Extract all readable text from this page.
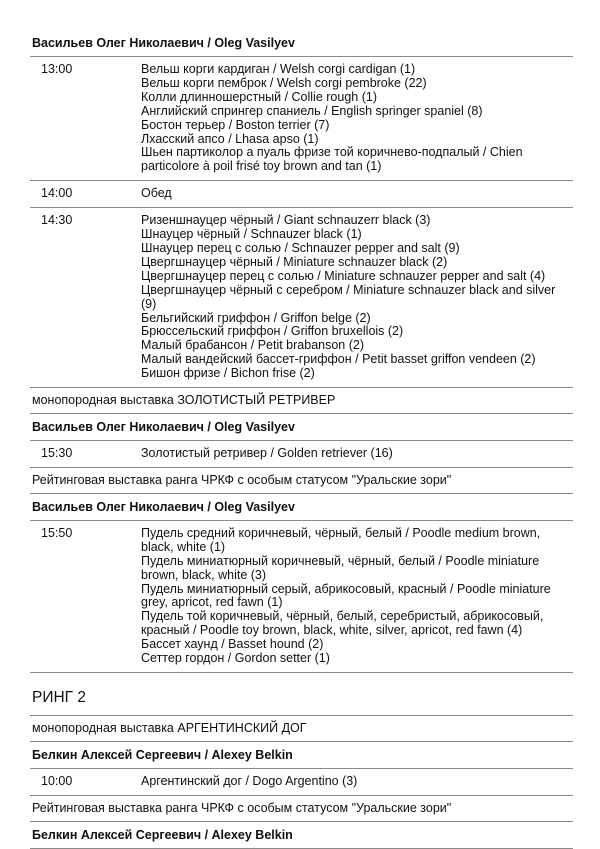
Васильев Олег Николаевич / Oleg Vasilyev
13:00	Вельш корги кардиган / Welsh corgi cardigan (1)
Вельш корги пемброк / Welsh corgi pembroke (22)
Колли длинношерстный / Collie rough (1)
Английский спрингер спаниель / English springer spaniel (8)
Бостон терьер / Boston terrier (7)
Лхасский апсо / Lhasa apso (1)
Шьен партиколор а пуаль фризе той коричнево-подпалый / Chien particolore à poil frisé toy brown and tan (1)
14:00	Обед
14:30	Ризеншнауцер чёрный / Giant schnauzerr black (3)
Шнауцер чёрный / Schnauzer black (1)
Шнауцер перец с солью / Schnauzer pepper and salt (9)
Цвергшнауцер чёрный / Miniature schnauzer black (2)
Цвергшнауцер перец с солью / Miniature schnauzer pepper and salt (4)
Цвергшнауцер чёрный с серебром / Miniature schnauzer black and silver (9)
Бельгийский гриффон / Griffon belge (2)
Брюссельский гриффон / Griffon bruxellois (2)
Малый брабансон / Petit brabanson (2)
Малый вандейский бассет-гриффон / Petit basset griffon vendeen (2)
Бишон фризе / Bichon frise (2)
монопородная выставка ЗОЛОТИСТЫЙ РЕТРИВЕР
Васильев Олег Николаевич / Oleg Vasilyev
15:30	Золотистый ретривер / Golden retriever (16)
Рейтинговая выставка ранга ЧРКФ с особым статусом "Уральские зори"
Васильев Олег Николаевич / Oleg Vasilyev
15:50	Пудель средний коричневый, чёрный, белый / Poodle medium brown, black, white (1)
Пудель миниатюрный коричневый, чёрный, белый / Poodle miniature brown, black, white (3)
Пудель миниатюрный серый, абрикосовый, красный / Poodle miniature grey, apricot, red fawn (1)
Пудель той коричневый, чёрный, белый, серебристый, абрикосовый, красный / Poodle toy brown, black, white, silver, apricot, red fawn (4)
Бассет хаунд / Basset hound (2)
Сеттер гордон / Gordon setter (1)
РИНГ 2
монопородная выставка АРГЕНТИНСКИЙ ДОГ
Белкин Алексей Сергеевич / Alexey Belkin
10:00	Аргентинский дог / Dogo Argentino (3)
Рейтинговая выставка ранга ЧРКФ с особым статусом "Уральские зори"
Белкин Алексей Сергеевич / Alexey Belkin
